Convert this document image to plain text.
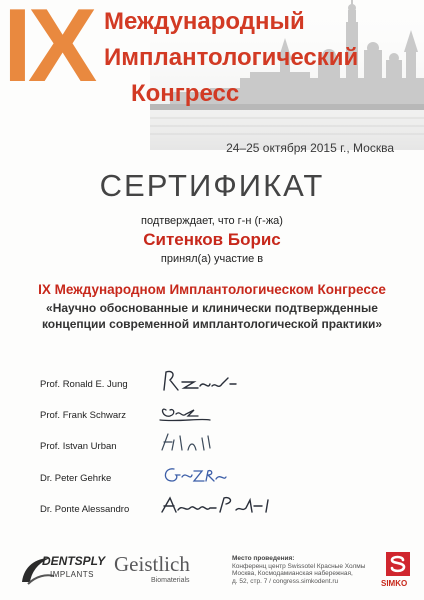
IX Международный
Имплантологический
Конгресс
24–25 октября 2015 г., Москва
СЕРТИФИКАТ
подтверждает, что г-н (г-жа)
Ситенков Борис
принял(а) участие в
IX Международном Имплантологическом Конгрессе
«Научно обоснованные и клинически подтвержденные
концепции современной имплантологической практики»
Prof. Ronald E. Jung
Prof. Frank Schwarz
Prof. Istvan Urban
Dr. Peter Gehrke
Dr. Ponte Alessandro
DENTSPLY
IMPLANTS Geistlich
Biomaterials
Место проведения:
Конференц центр Swissotel Красные Холмы
Москва, Космодамианская набережная,
д. 52, стр. 7 / congress.simkodent.ru	SIMKO
